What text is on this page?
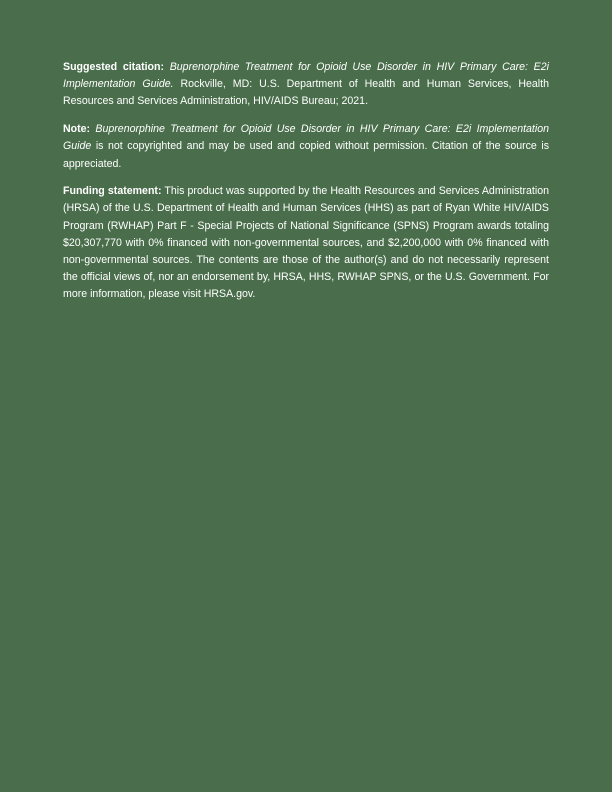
Suggested citation: Buprenorphine Treatment for Opioid Use Disorder in HIV Primary Care: E2i Implementation Guide. Rockville, MD: U.S. Department of Health and Human Services, Health Resources and Services Administration, HIV/AIDS Bureau; 2021.

Note: Buprenorphine Treatment for Opioid Use Disorder in HIV Primary Care: E2i Implementation Guide is not copyrighted and may be used and copied without permission. Citation of the source is appreciated.

Funding statement: This product was supported by the Health Resources and Services Administration (HRSA) of the U.S. Department of Health and Human Services (HHS) as part of Ryan White HIV/AIDS Program (RWHAP) Part F - Special Projects of National Significance (SPNS) Program awards totaling $20,307,770 with 0% financed with non-governmental sources, and $2,200,000 with 0% financed with non-governmental sources. The contents are those of the author(s) and do not necessarily represent the official views of, nor an endorsement by, HRSA, HHS, RWHAP SPNS, or the U.S. Government. For more information, please visit HRSA.gov.
